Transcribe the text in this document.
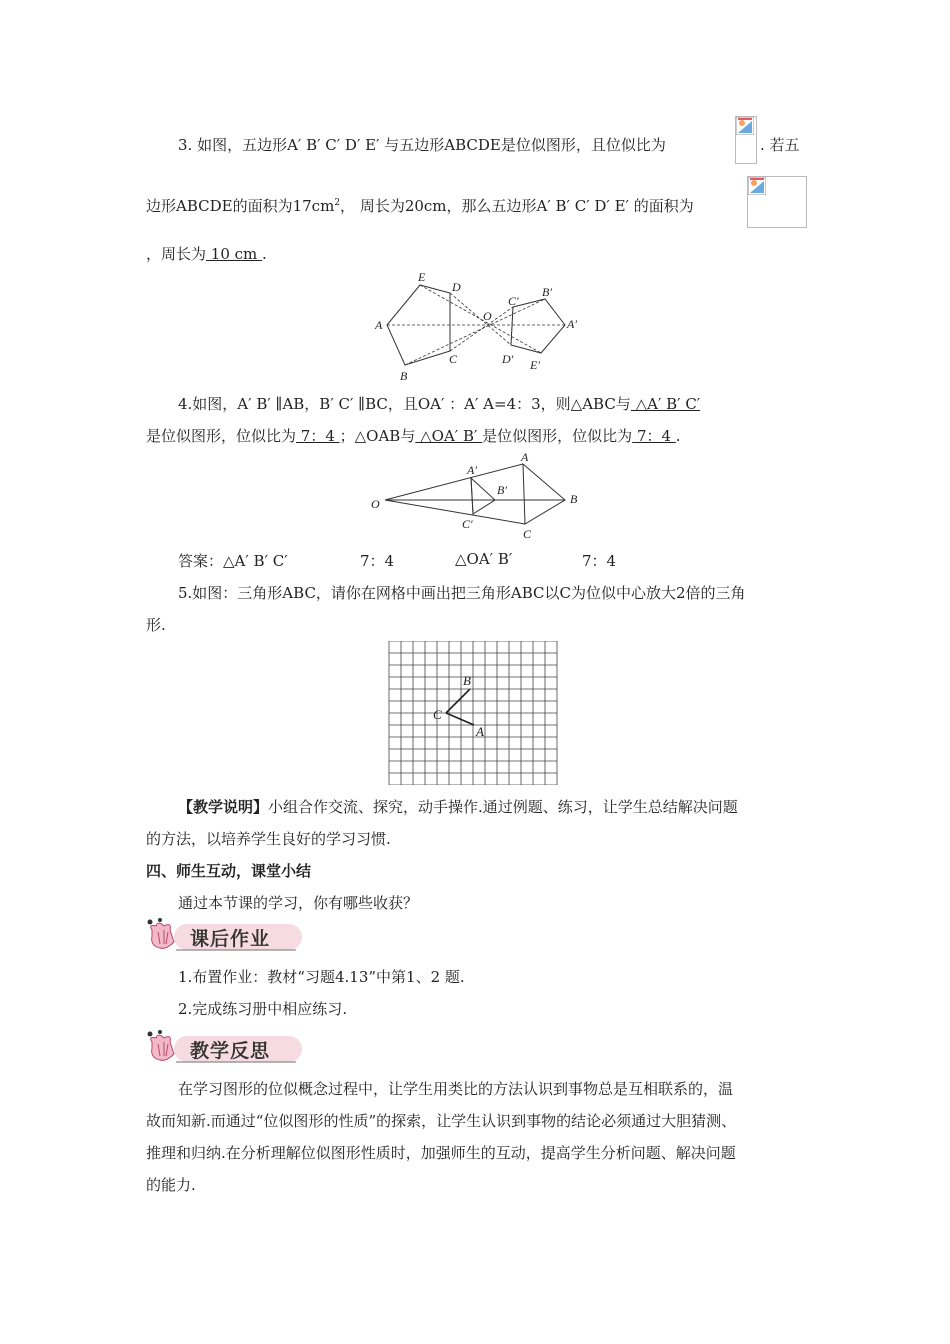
3. 如图，五边形A′ B′ C′ D′ E′ 与五边形ABCDE是位似图形，且位似比为	. 若五
边形ABCDE的面积为$17cm^2$， 周长为20cm，那么五边形A′ B′ C′ D′ E′ 的面积为
，周长为 10 cm .
E
D
A
O
C′
B′
A′
B
C	D′ E′
4.如图，A′ B′ ∥AB，B′ C′ ∥BC，且OA′ ：A′ A=4：3，则△ABC与 △A′ B′ C′
是位似图形，位似比为 7：4 ；△OAB与 △OA′ B′ 是位似图形，位似比为 7：4 .
A′
A
B′
O	B
C′
C
答案：△A′ B′ C′	7：4	△OA′ B′	7：4
5.如图：三角形ABC，请你在网格中画出把三角形ABC以C为位似中心放大2倍的三角
形.
B
C
A
【教学说明】小组合作交流、探究，动手操作.通过例题、练习，让学生总结解决问题
的方法，以培养学生良好的学习习惯.
四、师生互动，课堂小结
通过本节课的学习，你有哪些收获？
课后作业
1.布置作业：教材“习题4.13”中第1、2 题.
2.完成练习册中相应练习.
教学反思
在学习图形的位似概念过程中，让学生用类比的方法认识到事物总是互相联系的，温
故而知新.而通过“位似图形的性质”的探索，让学生认识到事物的结论必须通过大胆猜测、
推理和归纳.在分析理解位似图形性质时，加强师生的互动，提高学生分析问题、解决问题
的能力.
